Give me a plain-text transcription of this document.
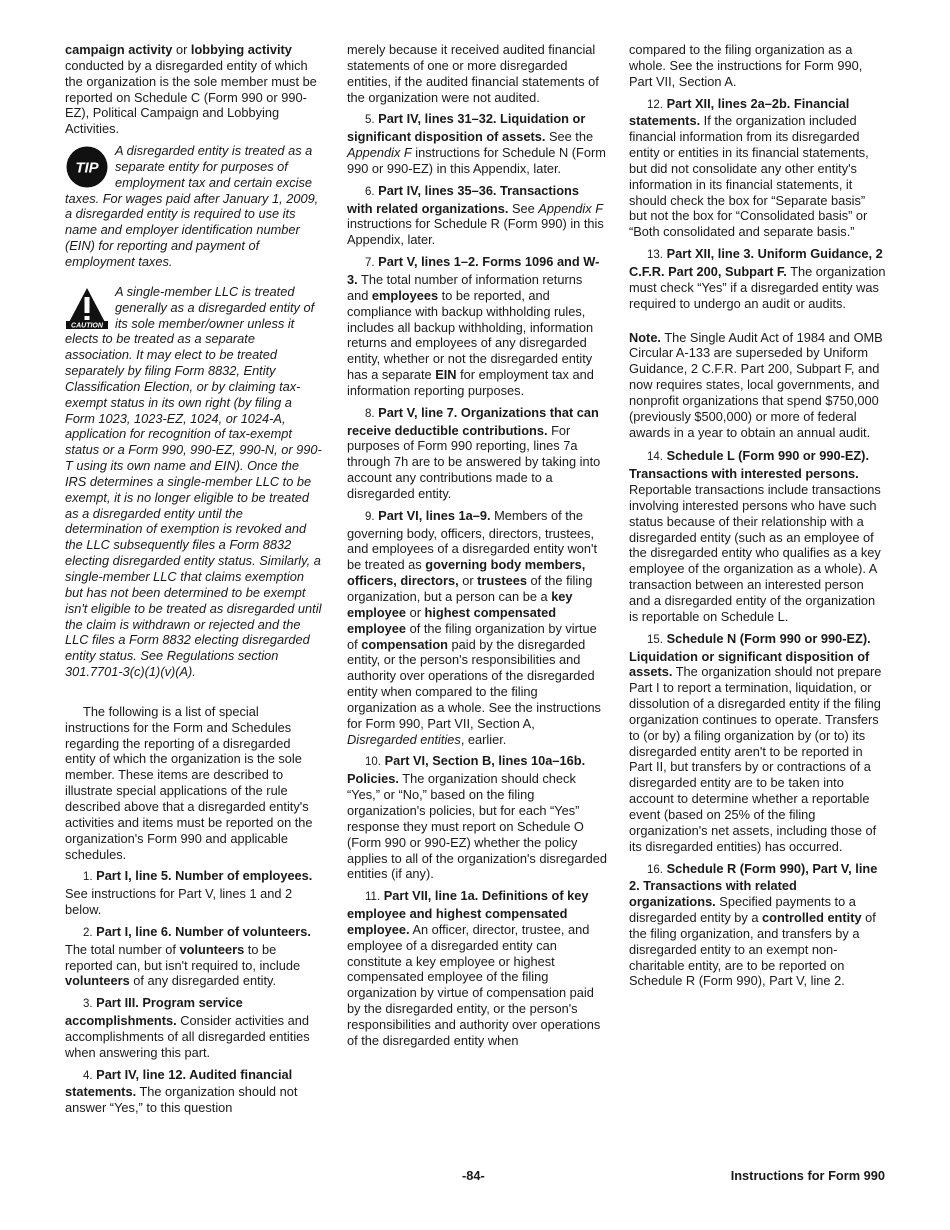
campaign activity or lobbying activity conducted by a disregarded entity of which the organization is the sole member must be reported on Schedule C (Form 990 or 990-EZ), Political Campaign and Lobbying Activities.

TIP
A disregarded entity is treated as a separate entity for purposes of employment tax and certain excise taxes. For wages paid after January 1, 2009, a disregarded entity is required to use its name and employer identification number (EIN) for reporting and payment of employment taxes.
CAUTION
A single-member LLC is treated generally as a disregarded entity of its sole member/owner unless it elects to be treated as a separate association. It may elect to be treated separately by filing Form 8832, Entity Classification Election, or by claiming tax-exempt status in its own right (by filing a Form 1023, 1023-EZ, 1024, or 1024-A, application for recognition of tax-exempt status or a Form 990, 990-EZ, 990-N, or 990-T using its own name and EIN). Once the IRS determines a single-member LLC to be exempt, it is no longer eligible to be treated as a disregarded entity until the determination of exemption is revoked and the LLC subsequently files a Form 8832 electing disregarded entity status. Similarly, a single-member LLC that claims exemption but has not been determined to be exempt isn't eligible to be treated as disregarded until the claim is withdrawn or rejected and the LLC files a Form 8832 electing disregarded entity status. See Regulations section 301.7701-3(c)(1)(v)(A).

The following is a list of special instructions for the Form and Schedules regarding the reporting of a disregarded entity of which the organization is the sole member. These items are described to illustrate special applications of the rule described above that a disregarded entity's activities and items must be reported on the organization's Form 990 and applicable schedules.

1. Part I, line 5. Number of employees. See instructions for Part V, lines 1 and 2 below.

2. Part I, line 6. Number of volunteers. The total number of volunteers to be reported can, but isn't required to, include volunteers of any disregarded entity.

3. Part III. Program service accomplishments. Consider activities and accomplishments of all disregarded entities when answering this part.

4. Part IV, line 12. Audited financial statements. The organization should not answer “Yes,” to this question

merely because it received audited financial statements of one or more disregarded entities, if the audited financial statements of the organization were not audited.

5. Part IV, lines 31–32. Liquidation or significant disposition of assets. See the Appendix F instructions for Schedule N (Form 990 or 990-EZ) in this Appendix, later.

6. Part IV, lines 35–36. Transactions with related organizations. See Appendix F instructions for Schedule R (Form 990) in this Appendix, later.

7. Part V, lines 1–2. Forms 1096 and W-3. The total number of information returns and employees to be reported, and compliance with backup withholding rules, includes all backup withholding, information returns and employees of any disregarded entity, whether or not the disregarded entity has a separate EIN for employment tax and information reporting purposes.

8. Part V, line 7. Organizations that can receive deductible contributions. For purposes of Form 990 reporting, lines 7a through 7h are to be answered by taking into account any contributions made to a disregarded entity.

9. Part VI, lines 1a–9. Members of the governing body, officers, directors, trustees, and employees of a disregarded entity won't be treated as governing body members, officers, directors, or trustees of the filing organization, but a person can be a key employee or highest compensated employee of the filing organization by virtue of compensation paid by the disregarded entity, or the person's responsibilities and authority over operations of the disregarded entity when compared to the filing organization as a whole. See the instructions for Form 990, Part VII, Section A, Disregarded entities, earlier.

10. Part VI, Section B, lines 10a–16b. Policies. The organization should check “Yes,” or “No,” based on the filing organization's policies, but for each “Yes” response they must report on Schedule O (Form 990 or 990-EZ) whether the policy applies to all of the organization's disregarded entities (if any).

11. Part VII, line 1a. Definitions of key employee and highest compensated employee. An officer, director, trustee, and employee of a disregarded entity can constitute a key employee or highest compensated employee of the filing organization by virtue of compensation paid by the disregarded entity, or the person's responsibilities and authority over operations of the disregarded entity when

compared to the filing organization as a whole. See the instructions for Form 990, Part VII, Section A.

12. Part XII, lines 2a–2b. Financial statements. If the organization included financial information from its disregarded entity or entities in its financial statements, but did not consolidate any other entity's information in its financial statements, it should check the box for “Separate basis” but not the box for “Consolidated basis” or “Both consolidated and separate basis.”

13. Part XII, line 3. Uniform Guidance, 2 C.F.R. Part 200, Subpart F. The organization must check “Yes” if a disregarded entity was required to undergo an audit or audits.

Note. The Single Audit Act of 1984 and OMB Circular A-133 are superseded by Uniform Guidance, 2 C.F.R. Part 200, Subpart F, and now requires states, local governments, and nonprofit organizations that spend $750,000 (previously $500,000) or more of federal awards in a year to obtain an annual audit.

14. Schedule L (Form 990 or 990-EZ). Transactions with interested persons. Reportable transactions include transactions involving interested persons who have such status because of their relationship with a disregarded entity (such as an employee of the disregarded entity who qualifies as a key employee of the organization as a whole). A transaction between an interested person and a disregarded entity of the organization is reportable on Schedule L.

15. Schedule N (Form 990 or 990-EZ). Liquidation or significant disposition of assets. The organization should not prepare Part I to report a termination, liquidation, or dissolution of a disregarded entity if the filing organization continues to operate. Transfers to (or by) a filing organization by (or to) its disregarded entity aren't to be reported in Part II, but transfers by or contractions of a disregarded entity are to be taken into account to determine whether a reportable event (based on 25% of the filing organization's net assets, including those of its disregarded entities) has occurred.

16. Schedule R (Form 990), Part V, line 2. Transactions with related organizations. Specified payments to a disregarded entity by a controlled entity of the filing organization, and transfers by a disregarded entity to an exempt non-charitable entity, are to be reported on Schedule R (Form 990), Part V, line 2.

-84-	Instructions for Form 990
